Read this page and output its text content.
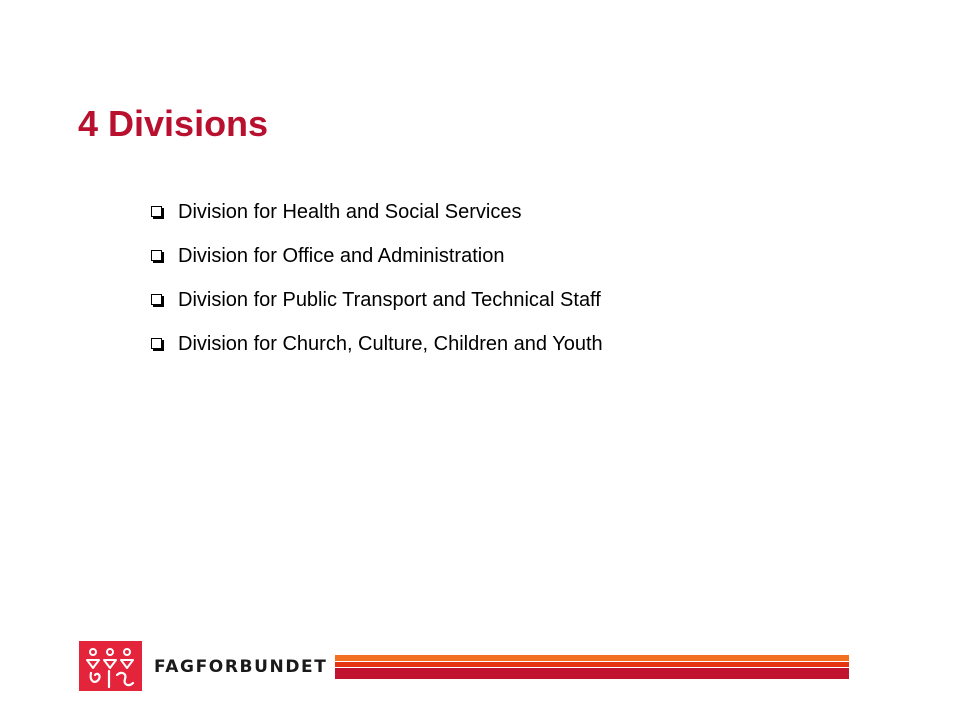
4 Divisions
Division for Health and Social Services
Division for Office and Administration
Division for Public Transport and Technical Staff
Division for Church, Culture, Children and Youth

FAGFORBUNDET
